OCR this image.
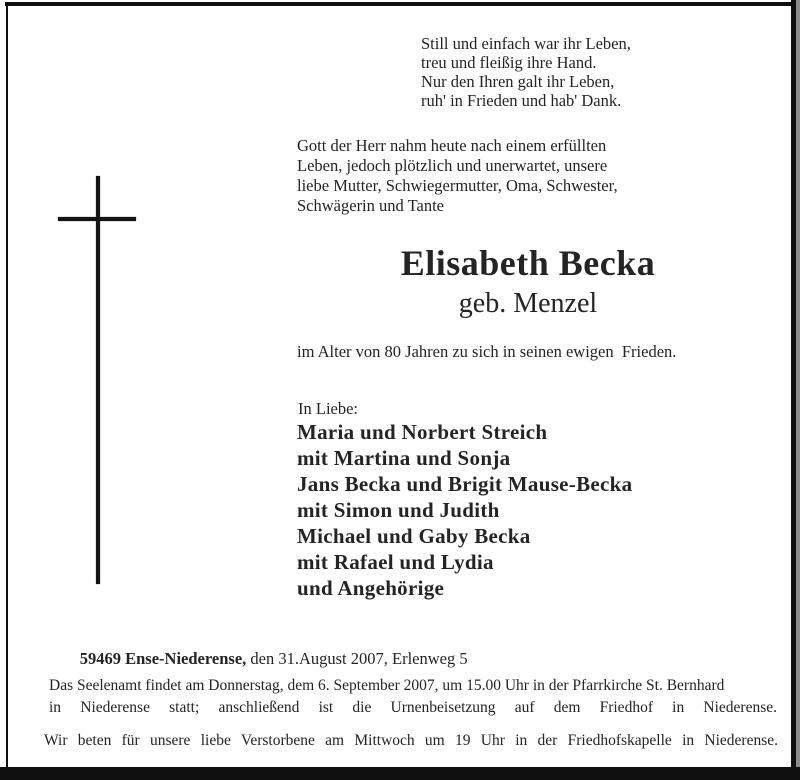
Still und einfach war ihr Leben,
treu und fleißig ihre Hand.
Nur den Ihren galt ihr Leben,
ruh' in Frieden und hab' Dank.
Gott der Herr nahm heute nach einem erfüllten
Leben, jedoch plötzlich und unerwartet, unsere
liebe Mutter, Schwiegermutter, Oma, Schwester,
Schwägerin und Tante
Elisabeth Becka
geb. Menzel
im Alter von 80 Jahren zu sich in seinen ewigen  Frieden.
In Liebe:
Maria und Norbert Streich
mit Martina und Sonja
Jans Becka und Brigit Mause-Becka
mit Simon und Judith
Michael und Gaby Becka
mit Rafael und Lydia
und Angehörige

59469 Ense-Niederense, den 31.August 2007, Erlenweg 5

Das Seelenamt findet am Donnerstag, dem 6. September 2007, um 15.00 Uhr in der Pfarrkirche St. Bernhard
in Niederense statt; anschließend ist die Urnenbeisetzung auf dem Friedhof in Niederense.
Wir beten für unsere liebe Verstorbene am Mittwoch um 19 Uhr in der Friedhofskapelle in Niederense.
